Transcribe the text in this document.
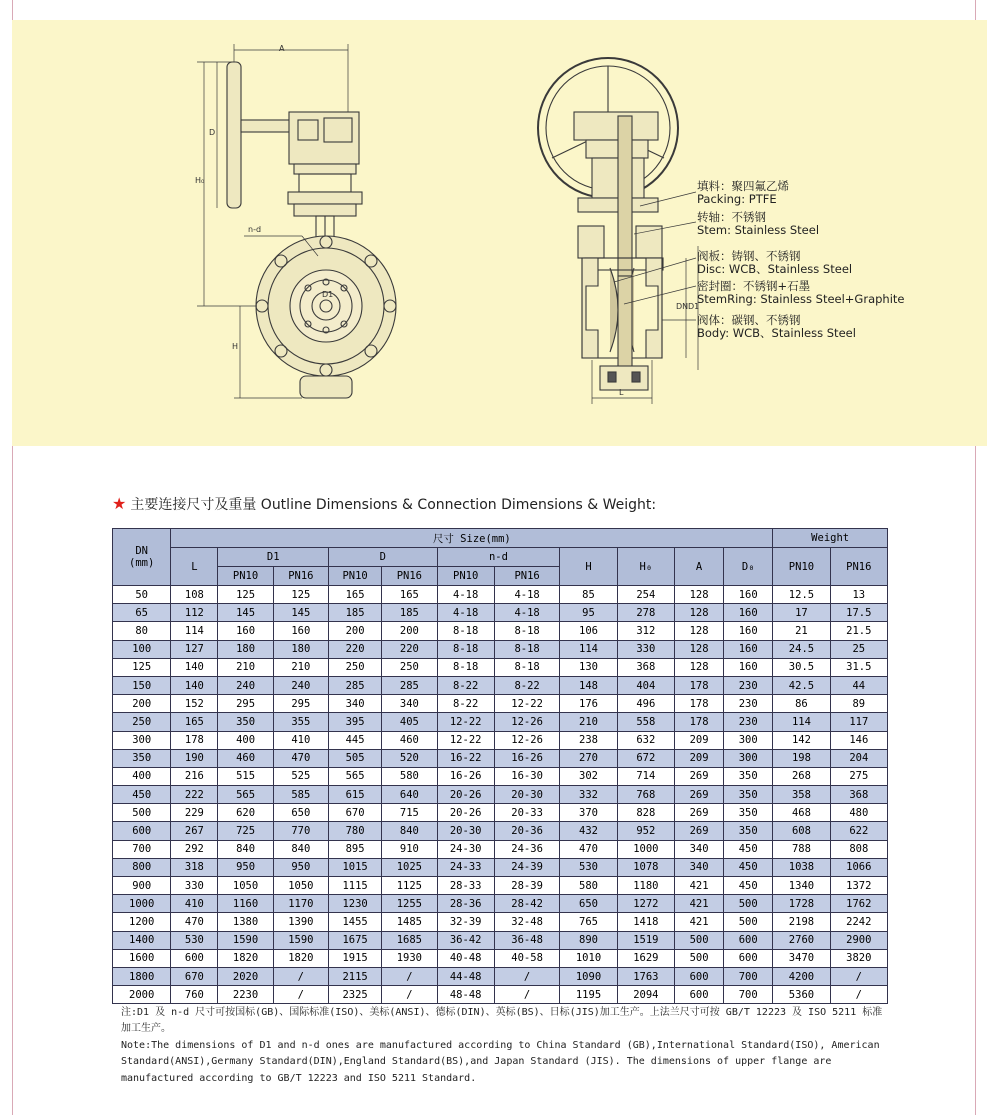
A
D
H₀
n-d
H
D1
DN D1
L
填料：聚四氟乙烯
Packing: PTFE
转轴：不锈钢
Stem: Stainless Steel
阀板：铸钢、不锈钢
Disc: WCB、Stainless Steel
密封圈：不锈钢+石墨
StemRing: Stainless Steel+Graphite
阀体：碳钢、不锈钢
Body: WCB、Stainless Steel
★ 主要连接尺寸及重量 Outline Dimensions & Connection Dimensions & Weight:
DN
(mm)	尺寸 Size(mm)											Weight	
	L	D1		D		n-d		H	H₀	A	D₀	PN10	PN16
		PN10	PN16	PN10	PN16	PN10	PN16						
50	108	125	125	165	165	4-18	4-18	85	254	128	160	12.5	13
65	112	145	145	185	185	4-18	4-18	95	278	128	160	17	17.5
80	114	160	160	200	200	8-18	8-18	106	312	128	160	21	21.5
100	127	180	180	220	220	8-18	8-18	114	330	128	160	24.5	25
125	140	210	210	250	250	8-18	8-18	130	368	128	160	30.5	31.5
150	140	240	240	285	285	8-22	8-22	148	404	178	230	42.5	44
200	152	295	295	340	340	8-22	12-22	176	496	178	230	86	89
250	165	350	355	395	405	12-22	12-26	210	558	178	230	114	117
300	178	400	410	445	460	12-22	12-26	238	632	209	300	142	146
350	190	460	470	505	520	16-22	16-26	270	672	209	300	198	204
400	216	515	525	565	580	16-26	16-30	302	714	269	350	268	275
450	222	565	585	615	640	20-26	20-30	332	768	269	350	358	368
500	229	620	650	670	715	20-26	20-33	370	828	269	350	468	480
600	267	725	770	780	840	20-30	20-36	432	952	269	350	608	622
700	292	840	840	895	910	24-30	24-36	470	1000	340	450	788	808
800	318	950	950	1015	1025	24-33	24-39	530	1078	340	450	1038	1066
900	330	1050	1050	1115	1125	28-33	28-39	580	1180	421	450	1340	1372
1000	410	1160	1170	1230	1255	28-36	28-42	650	1272	421	500	1728	1762
1200	470	1380	1390	1455	1485	32-39	32-48	765	1418	421	500	2198	2242
1400	530	1590	1590	1675	1685	36-42	36-48	890	1519	500	600	2760	2900
1600	600	1820	1820	1915	1930	40-48	40-58	1010	1629	500	600	3470	3820
1800	670	2020	/	2115	/	44-48	/	1090	1763	600	700	4200	/
2000	760	2230	/	2325	/	48-48	/	1195	2094	600	700	5360	/

注:D1 及 n-d 尺寸可按国标(GB)、国际标准(ISO)、美标(ANSI)、德标(DIN)、英标(BS)、日标(JIS)加工生产。上法兰尺寸可按 GB/T 12223 及 ISO 5211 标准加工生产。

Note:The dimensions of D1 and n-d ones are manufactured according to China Standard (GB),International Standard(ISO), American Standard(ANSI),Germany Standard(DIN),England Standard(BS),and Japan Standard (JIS). The dimensions of upper flange are manufactured according to GB/T 12223 and ISO 5211 Standard.
